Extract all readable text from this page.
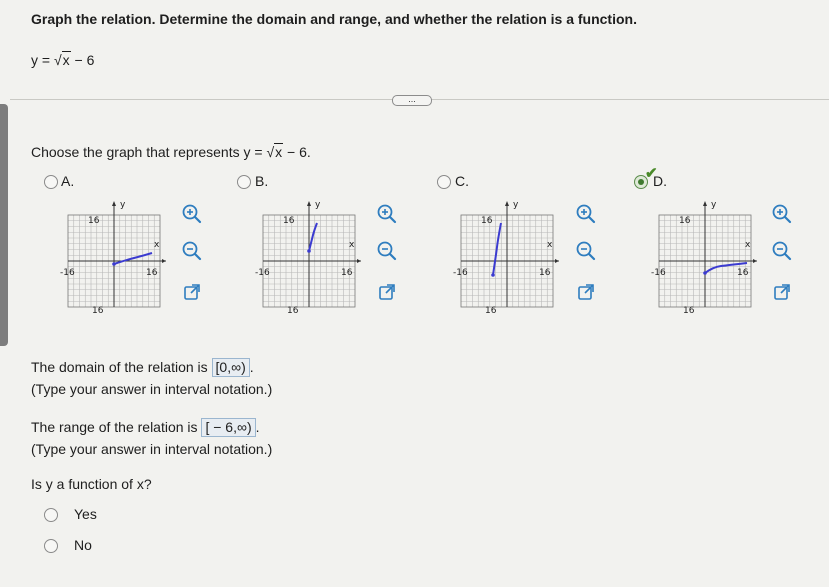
Graph the relation. Determine the domain and range, and whether the relation is a function.
y = √x − 6
...
Choose the graph that represents y = √x − 6.
A.	B.	C.	✔
D.
y
x
16
16
-16	16
y
x
16
16
-16	16
y
x
16
16
-16	16
y
x
16
16
-16	16
The domain of the relation is [0,∞) .
(Type your answer in interval notation.)
The range of the relation is [ − 6,∞) .
(Type your answer in interval notation.)
Is y a function of x?
Yes
No
